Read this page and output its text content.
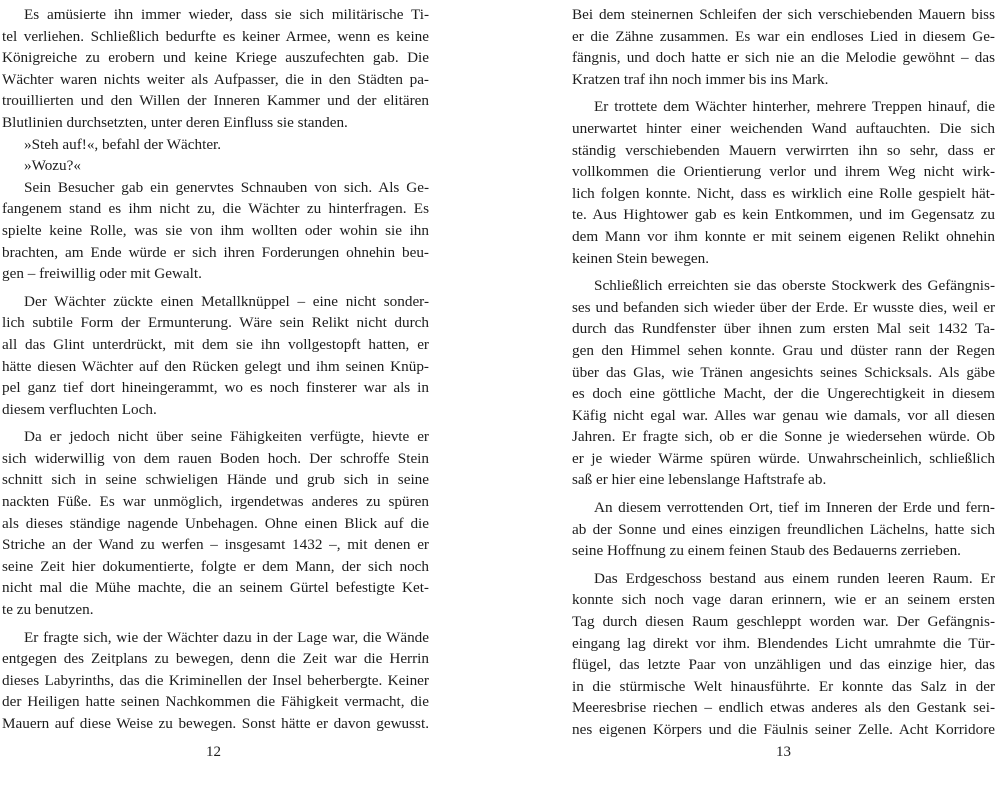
Es amüsierte ihn immer wieder, dass sie sich militärische Ti-
tel verliehen. Schließlich bedurfte es keiner Armee, wenn es keine
Königreiche zu erobern und keine Kriege auszufechten gab. Die
Wächter waren nichts weiter als Aufpasser, die in den Städten pa-
trouillierten und den Willen der Inneren Kammer und der elitären
Blutlinien durchsetzten, unter deren Einfluss sie standen.
»Steh auf!«, befahl der Wächter.
»Wozu?«
Sein Besucher gab ein genervtes Schnauben von sich. Als Ge-
fangenem stand es ihm nicht zu, die Wächter zu hinterfragen. Es
spielte keine Rolle, was sie von ihm wollten oder wohin sie ihn
brachten, am Ende würde er sich ihren Forderungen ohnehin beu-
gen – freiwillig oder mit Gewalt.
Der Wächter zückte einen Metallknüppel – eine nicht sonder-
lich subtile Form der Ermunterung. Wäre sein Relikt nicht durch
all das Glint unterdrückt, mit dem sie ihn vollgestopft hatten, er
hätte diesen Wächter auf den Rücken gelegt und ihm seinen Knüp-
pel ganz tief dort hineingerammt, wo es noch finsterer war als in
diesem verfluchten Loch.
Da er jedoch nicht über seine Fähigkeiten verfügte, hievte er
sich widerwillig von dem rauen Boden hoch. Der schroffe Stein
schnitt sich in seine schwieligen Hände und grub sich in seine
nackten Füße. Es war unmöglich, irgendetwas anderes zu spüren
als dieses ständige nagende Unbehagen. Ohne einen Blick auf die
Striche an der Wand zu werfen – insgesamt 1432 –, mit denen er
seine Zeit hier dokumentierte, folgte er dem Mann, der sich noch
nicht mal die Mühe machte, die an seinem Gürtel befestigte Ket-
te zu benutzen.
Er fragte sich, wie der Wächter dazu in der Lage war, die Wände
entgegen des Zeitplans zu bewegen, denn die Zeit war die Herrin
dieses Labyrinths, das die Kriminellen der Insel beherbergte. Keiner
der Heiligen hatte seinen Nachkommen die Fähigkeit vermacht, die
Mauern auf diese Weise zu bewegen. Sonst hätte er davon gewusst.
12
Bei dem steinernen Schleifen der sich verschiebenden Mauern biss
er die Zähne zusammen. Es war ein endloses Lied in diesem Ge-
fängnis, und doch hatte er sich nie an die Melodie gewöhnt – das
Kratzen traf ihn noch immer bis ins Mark.
Er trottete dem Wächter hinterher, mehrere Treppen hinauf, die
unerwartet hinter einer weichenden Wand auftauchten. Die sich
ständig verschiebenden Mauern verwirrten ihn so sehr, dass er
vollkommen die Orientierung verlor und ihrem Weg nicht wirk-
lich folgen konnte. Nicht, dass es wirklich eine Rolle gespielt hät-
te. Aus Hightower gab es kein Entkommen, und im Gegensatz zu
dem Mann vor ihm konnte er mit seinem eigenen Relikt ohnehin
keinen Stein bewegen.
Schließlich erreichten sie das oberste Stockwerk des Gefängnis-
ses und befanden sich wieder über der Erde. Er wusste dies, weil er
durch das Rundfenster über ihnen zum ersten Mal seit 1432 Ta-
gen den Himmel sehen konnte. Grau und düster rann der Regen
über das Glas, wie Tränen angesichts seines Schicksals. Als gäbe
es doch eine göttliche Macht, der die Ungerechtigkeit in diesem
Käfig nicht egal war. Alles war genau wie damals, vor all diesen
Jahren. Er fragte sich, ob er die Sonne je wiedersehen würde. Ob
er je wieder Wärme spüren würde. Unwahrscheinlich, schließlich
saß er hier eine lebenslange Haftstrafe ab.
An diesem verrottenden Ort, tief im Inneren der Erde und fern-
ab der Sonne und eines einzigen freundlichen Lächelns, hatte sich
seine Hoffnung zu einem feinen Staub des Bedauerns zerrieben.
Das Erdgeschoss bestand aus einem runden leeren Raum. Er
konnte sich noch vage daran erinnern, wie er an seinem ersten
Tag durch diesen Raum geschleppt worden war. Der Gefängnis-
eingang lag direkt vor ihm. Blendendes Licht umrahmte die Tür-
flügel, das letzte Paar von unzähligen und das einzige hier, das
in die stürmische Welt hinausführte. Er konnte das Salz in der
Meeresbrise riechen – endlich etwas anderes als den Gestank sei-
nes eigenen Körpers und die Fäulnis seiner Zelle. Acht Korridore
13
